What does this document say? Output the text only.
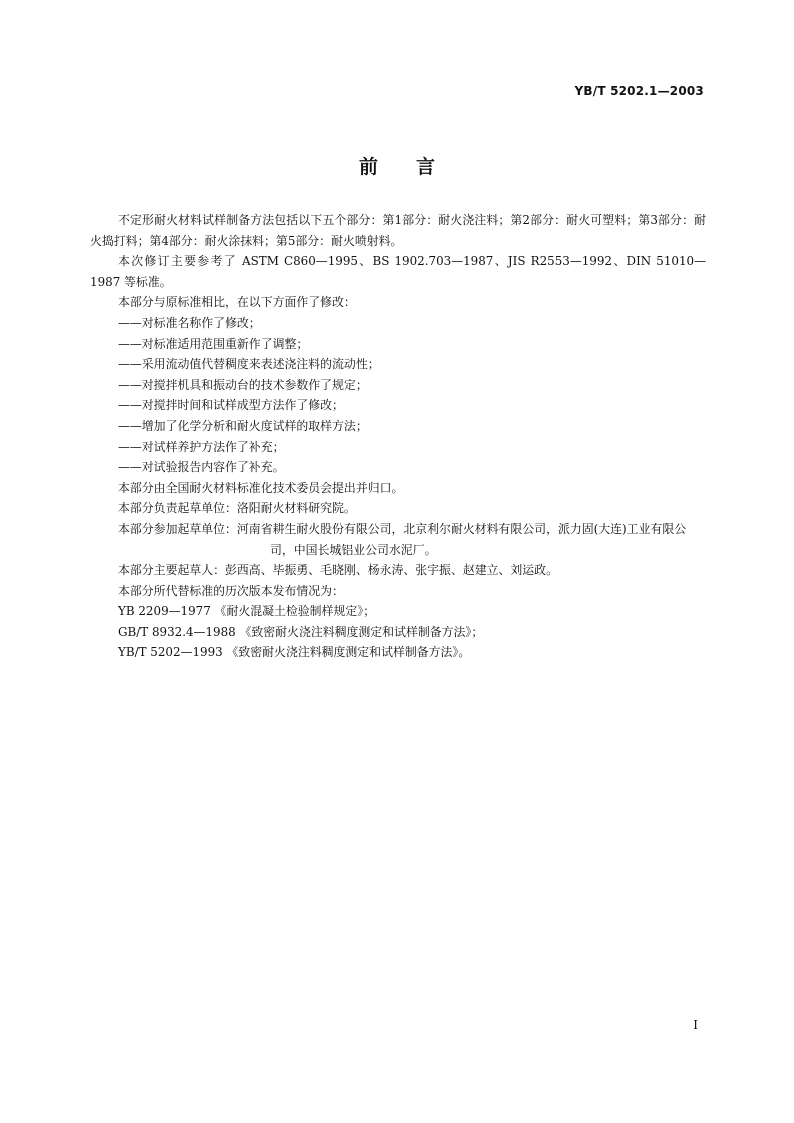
YB/T 5202.1—2003
前言

不定形耐火材料试样制备方法包括以下五个部分：第1部分：耐火浇注料；第2部分：耐火可塑料；第3部分：耐火捣打料；第4部分：耐火涂抹料；第5部分：耐火喷射料。

本次修订主要参考了 ASTM C860—1995、BS 1902.703—1987、JIS R2553—1992、DIN 51010—1987 等标准。

本部分与原标准相比，在以下方面作了修改：

——对标准名称作了修改；

——对标准适用范围重新作了调整；

——采用流动值代替稠度来表述浇注料的流动性；

——对搅拌机具和振动台的技术参数作了规定；

——对搅拌时间和试样成型方法作了修改；

——增加了化学分析和耐火度试样的取样方法；

——对试样养护方法作了补充；

——对试验报告内容作了补充。

本部分由全国耐火材料标准化技术委员会提出并归口。

本部分负责起草单位：洛阳耐火材料研究院。

本部分参加起草单位：河南省耕生耐火股份有限公司，北京利尔耐火材料有限公司，派力固(大连)工业有限公司，中国长城铝业公司水泥厂。

本部分主要起草人：彭西高、毕振勇、毛晓刚、杨永涛、张宇振、赵建立、刘运政。

本部分所代替标准的历次版本发布情况为：

YB 2209—1977 《耐火混凝土检验制样规定》；

GB/T 8932.4—1988 《致密耐火浇注料稠度测定和试样制备方法》；

YB/T 5202—1993 《致密耐火浇注料稠度测定和试样制备方法》。

I
